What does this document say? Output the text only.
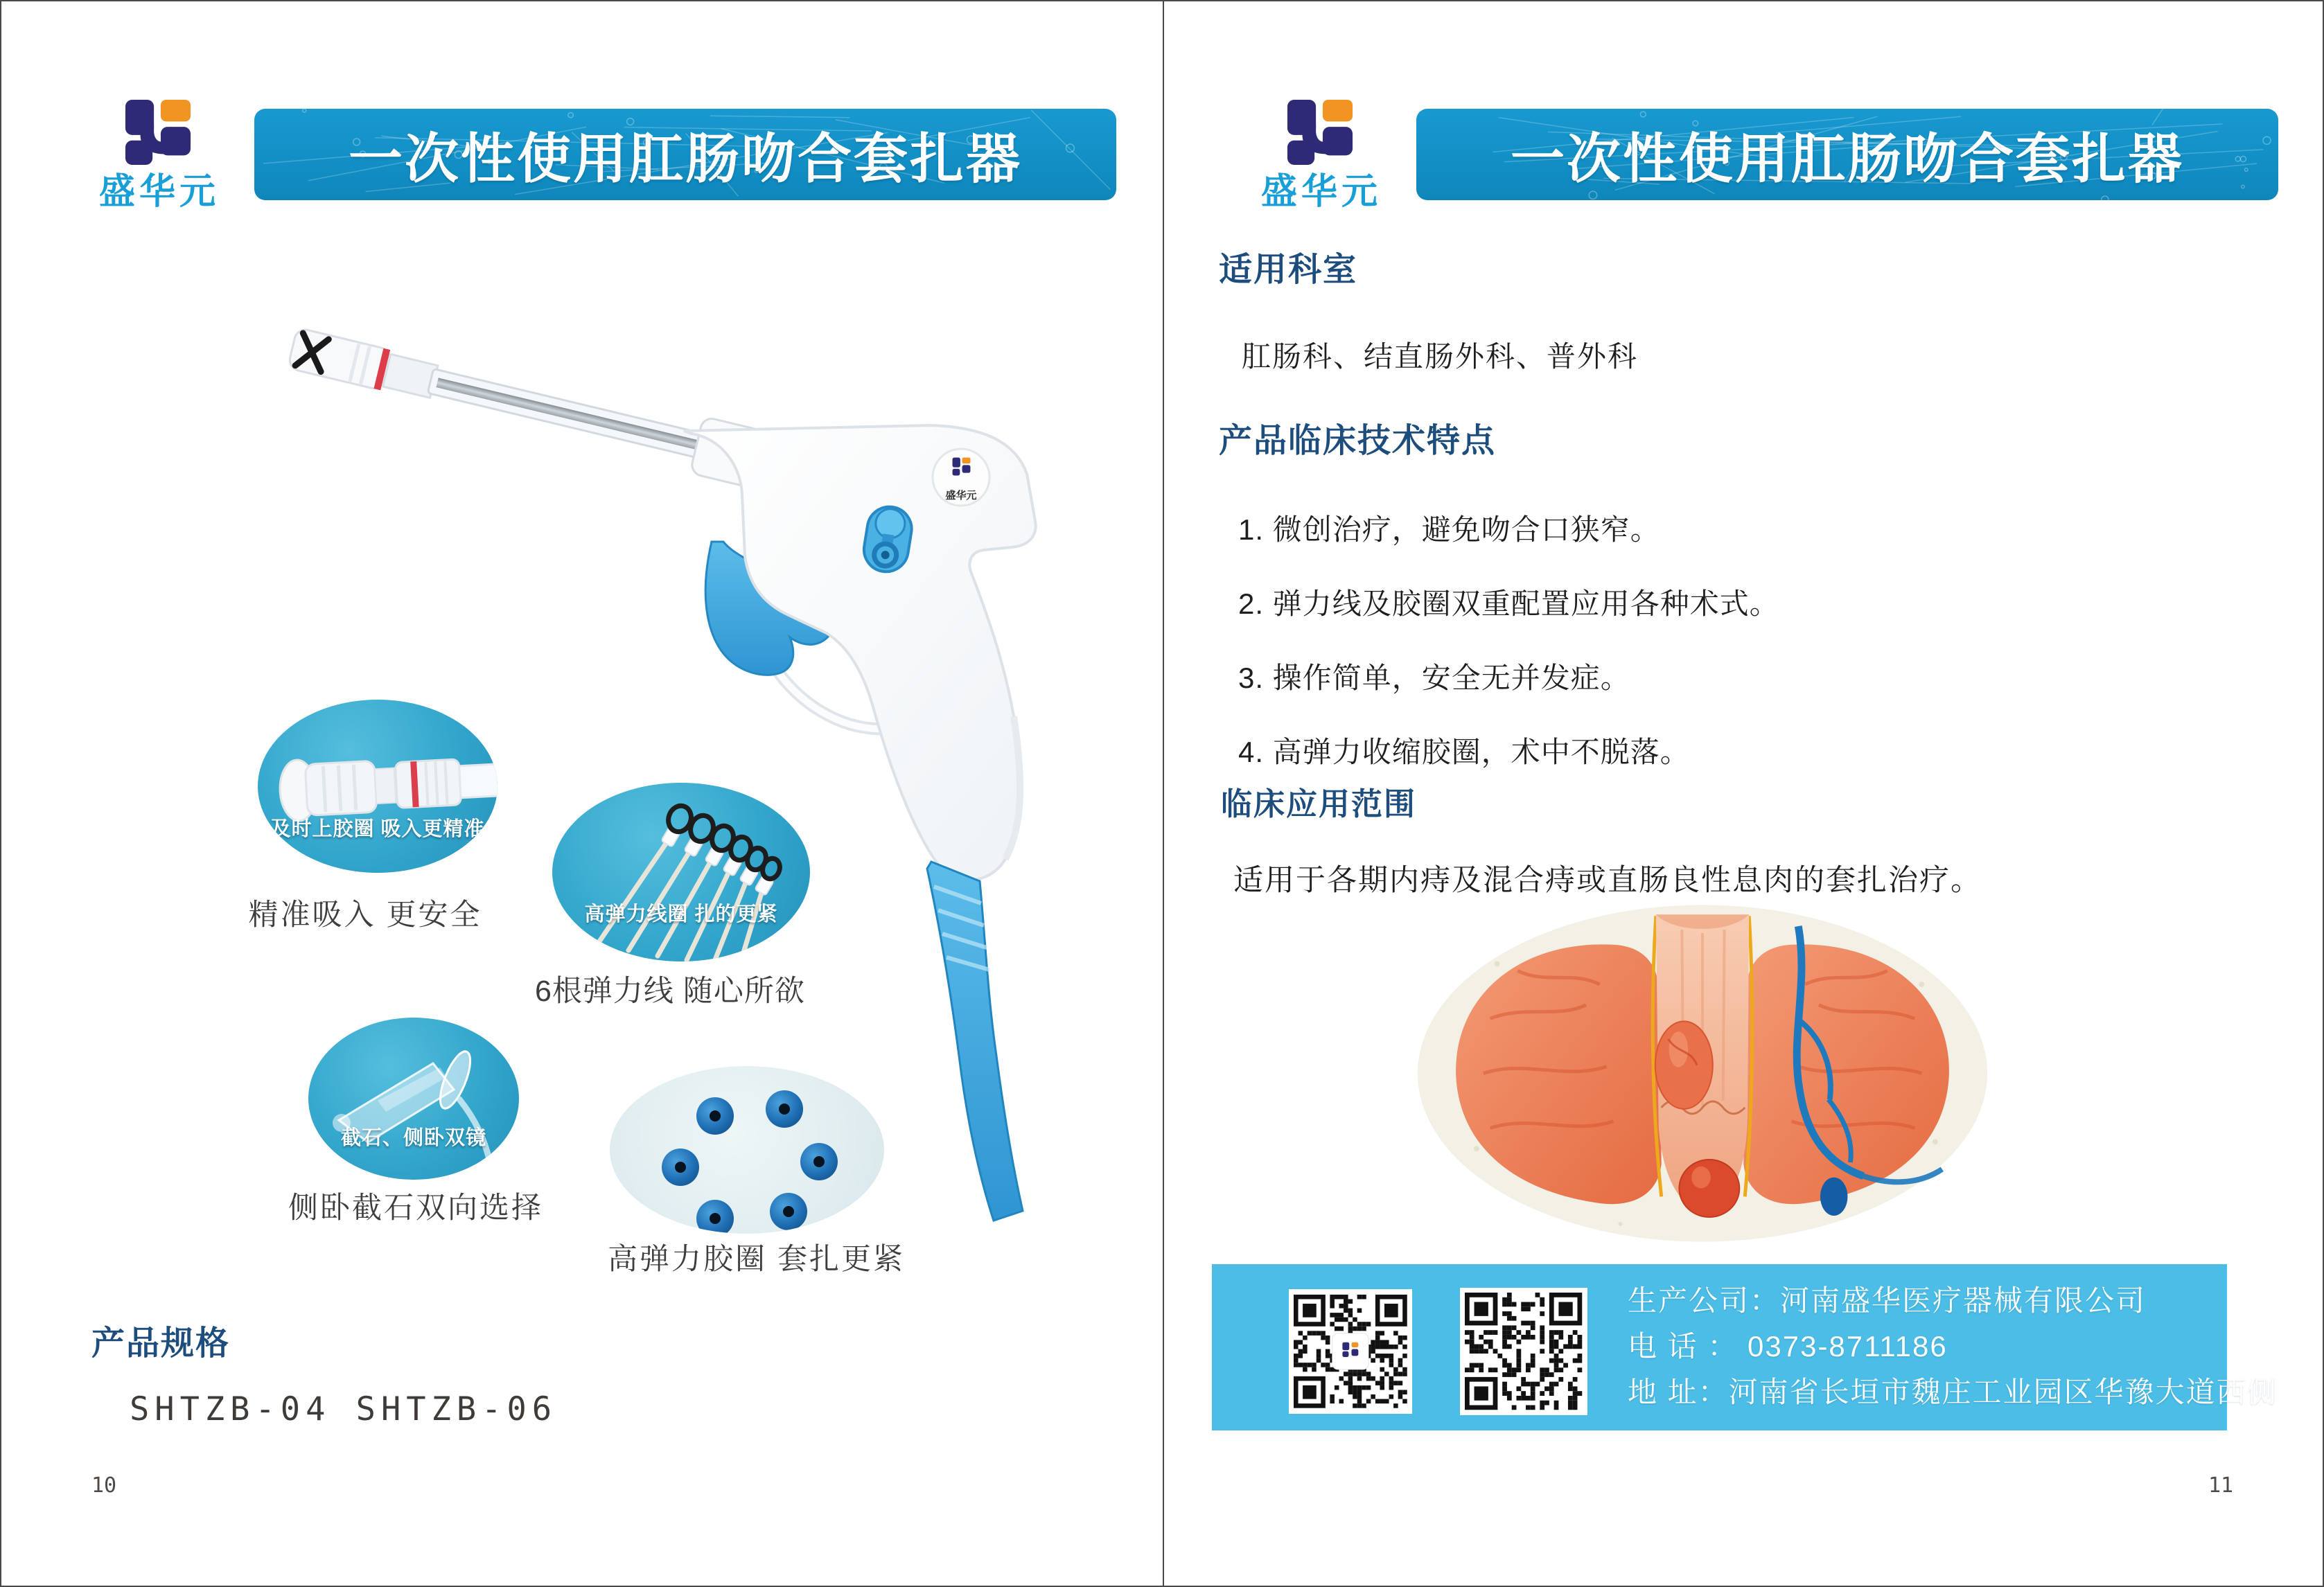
盛华元
一次性使用肛肠吻合套扎器
盛华元
及时上胶圈 吸入更精准
精准吸入 更安全	高弹力线圈 扎的更紧
6根弹力线 随心所欲
截石、侧卧双镜
侧卧截石双向选择
高弹力胶圈 套扎更紧
产品规格
SHTZB-04 SHTZB-06
10
盛华元
一次性使用肛肠吻合套扎器
适用科室
肛肠科、结直肠外科、普外科
产品临床技术特点
1. 微创治疗，避免吻合口狭窄。
2. 弹力线及胶圈双重配置应用各种术式。
3. 操作简单，安全无并发症。
4. 高弹力收缩胶圈，术中不脱落。
临床应用范围
适用于各期内痔及混合痔或直肠良性息肉的套扎治疗。
生产公司：河南盛华医疗器械有限公司
电 话 ： 0373-8711186
地 址：河南省长垣市魏庄工业园区华豫大道西侧
11
